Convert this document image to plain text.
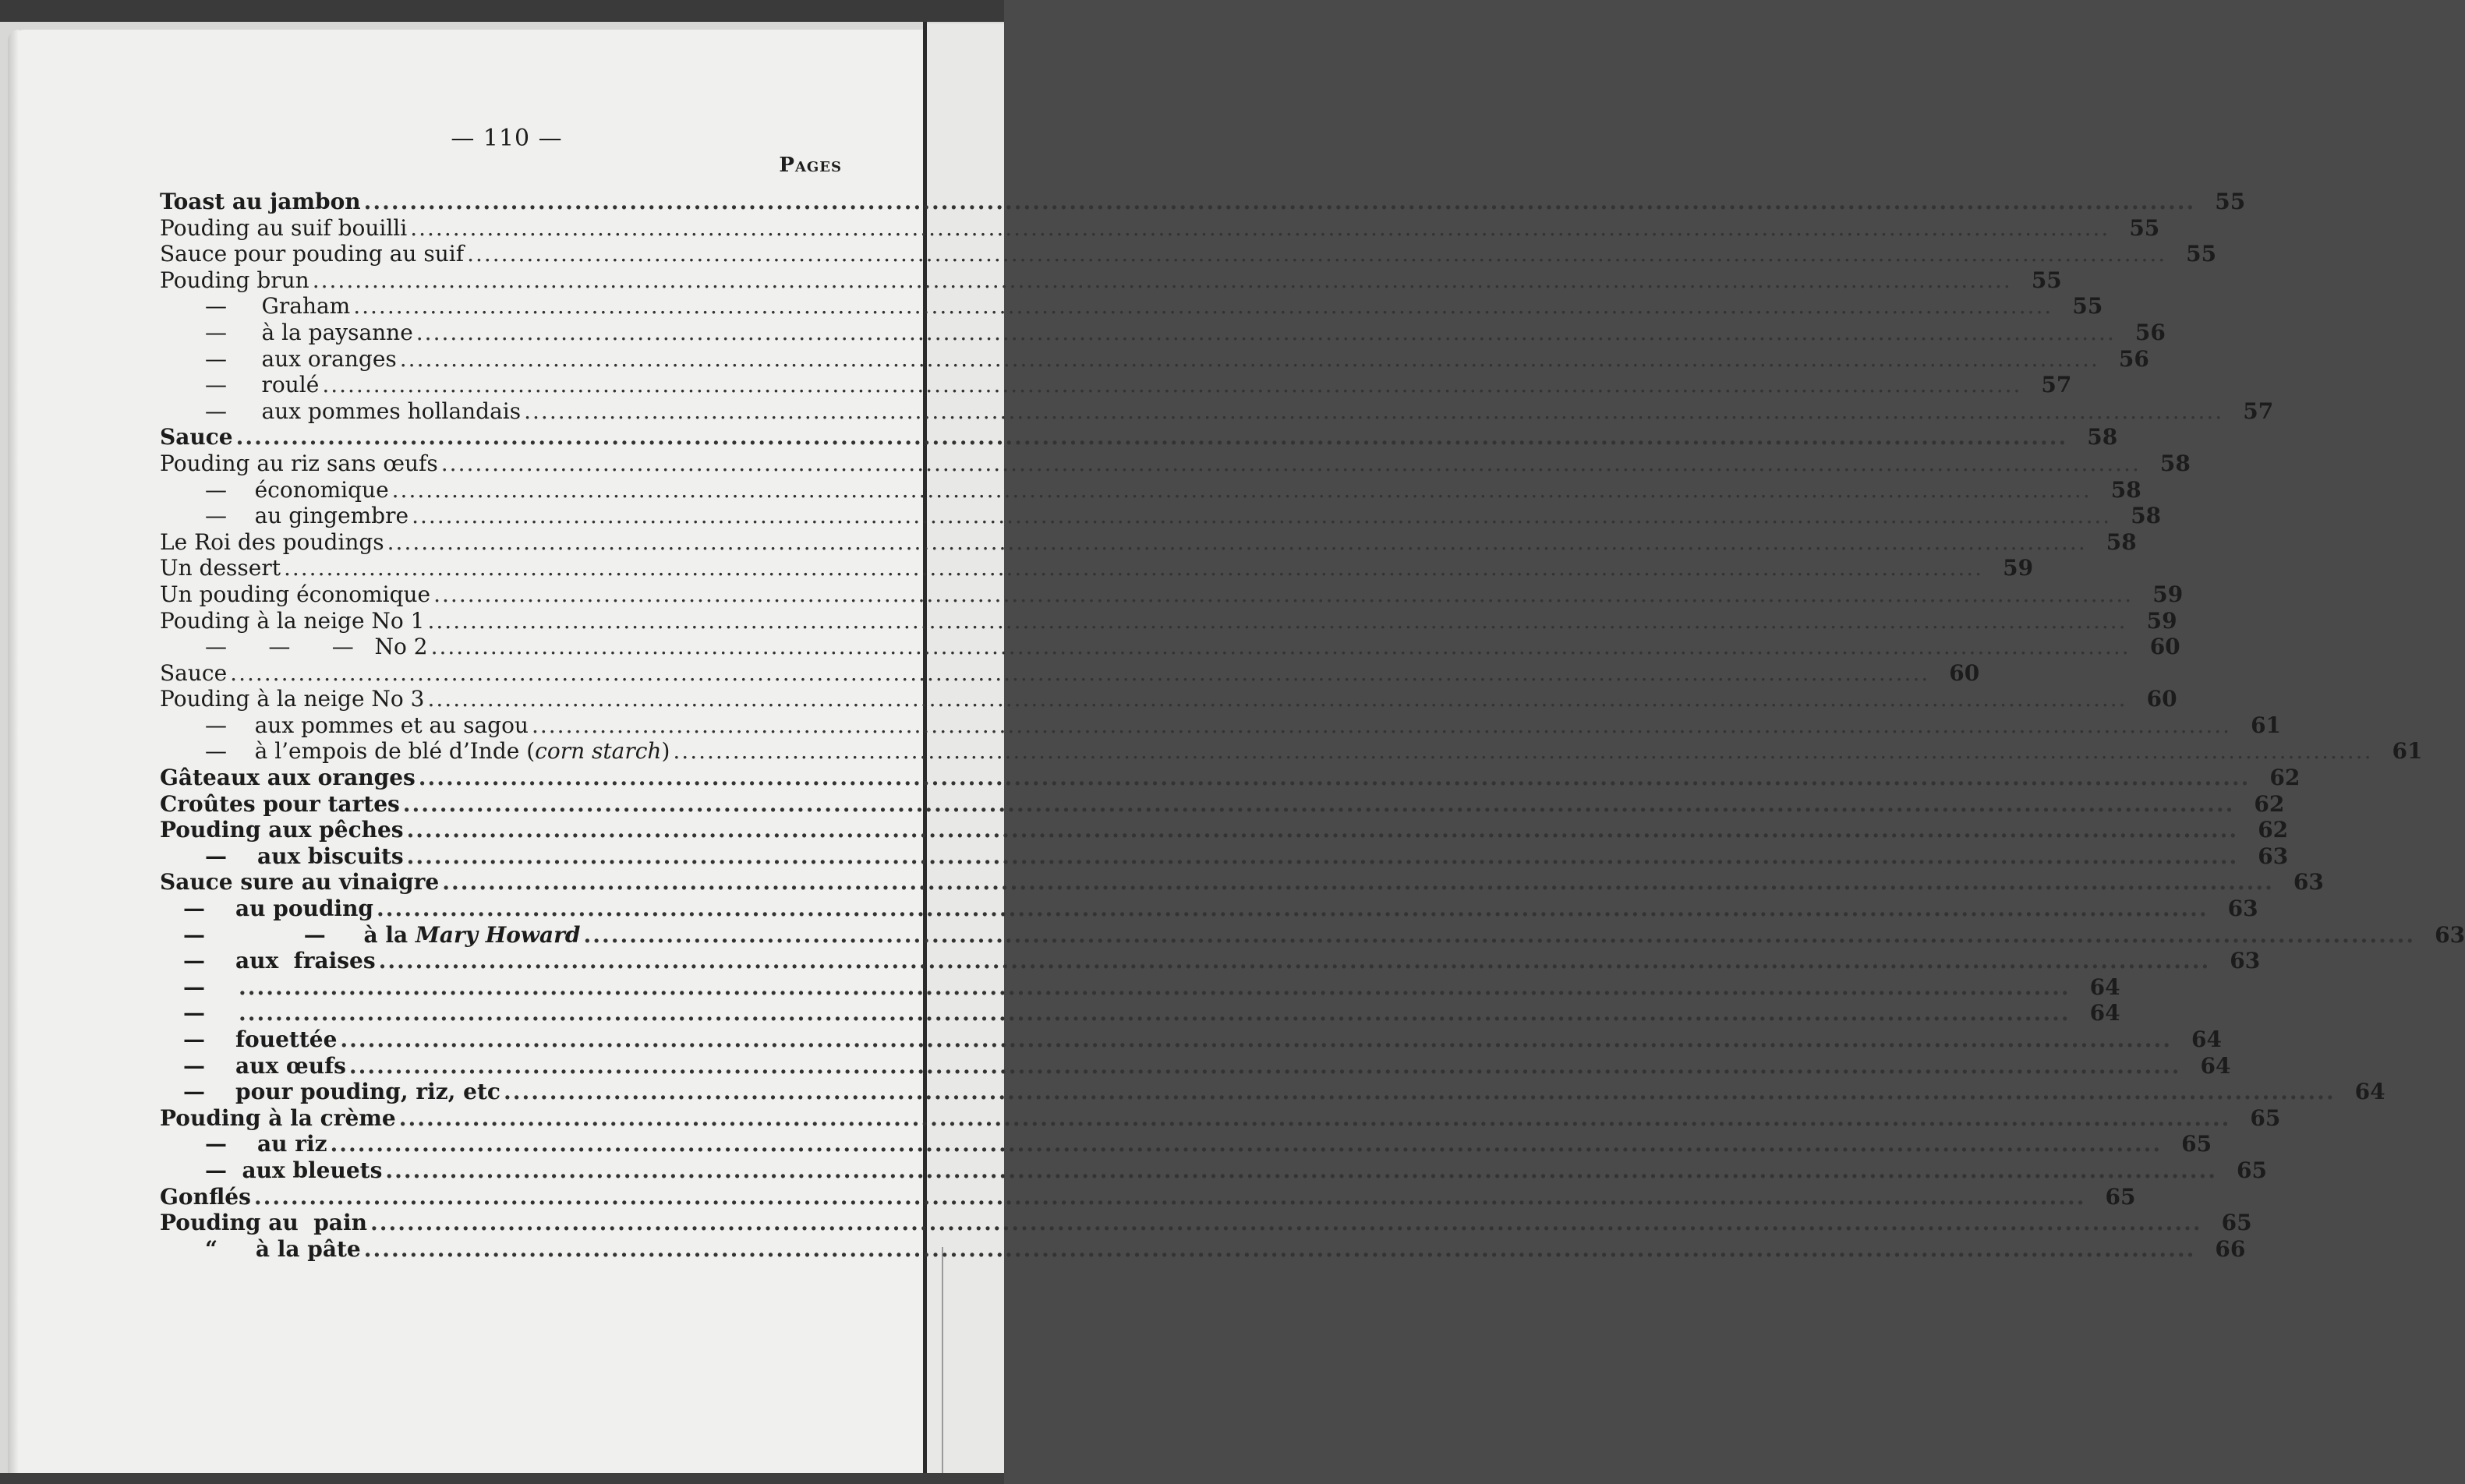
— 110 —
Pages
Toast au jambon ........................................................................................................................................................................................................ 55
Pouding au suif bouilli ........................................................................................................................................................................................................ 55
Sauce pour pouding au suif ........................................................................................................................................................................................................ 55
Pouding brun ........................................................................................................................................................................................................ 55
—     Graham ........................................................................................................................................................................................................ 55
—     à la paysanne ........................................................................................................................................................................................................ 56
—     aux oranges ........................................................................................................................................................................................................ 56
—     roulé ........................................................................................................................................................................................................ 57
—     aux pommes hollandais ........................................................................................................................................................................................................ 57
Sauce ........................................................................................................................................................................................................ 58
Pouding au riz sans œufs ........................................................................................................................................................................................................ 58
—    économique ........................................................................................................................................................................................................ 58
—    au gingembre ........................................................................................................................................................................................................ 58
Le Roi des poudings ........................................................................................................................................................................................................ 58
Un dessert ........................................................................................................................................................................................................ 59
Un pouding économique ........................................................................................................................................................................................................ 59
Pouding à la neige No 1 ........................................................................................................................................................................................................ 59
—      —      —   No 2 ........................................................................................................................................................................................................ 60
Sauce ........................................................................................................................................................................................................ 60
Pouding à la neige No 3 ........................................................................................................................................................................................................ 60
—    aux pommes et au sagou ........................................................................................................................................................................................................ 61
—    à l’empois de blé d’Inde (corn starch) ........................................................................................................................................................................................................ 61
Gâteaux aux oranges ........................................................................................................................................................................................................ 62
Croûtes pour tartes ........................................................................................................................................................................................................ 62
Pouding aux pêches ........................................................................................................................................................................................................ 62
—    aux biscuits ........................................................................................................................................................................................................ 63
Sauce sure au vinaigre ........................................................................................................................................................................................................ 63
—    au pouding ........................................................................................................................................................................................................ 63
—             —     à la Mary Howard ........................................................................................................................................................................................................ 63
—    aux  fraises ........................................................................................................................................................................................................ 63
— ........................................................................................................................................................................................................ 64
— ........................................................................................................................................................................................................ 64
—    fouettée ........................................................................................................................................................................................................ 64
—    aux œufs ........................................................................................................................................................................................................ 64
—    pour pouding, riz, etc ........................................................................................................................................................................................................ 64
Pouding à la crème ........................................................................................................................................................................................................ 65
—    au riz ........................................................................................................................................................................................................ 65
—  aux bleuets ........................................................................................................................................................................................................ 65
Gonflés ........................................................................................................................................................................................................ 65
Pouding au  pain ........................................................................................................................................................................................................ 65
“     à la pâte ........................................................................................................................................................................................................ 66
